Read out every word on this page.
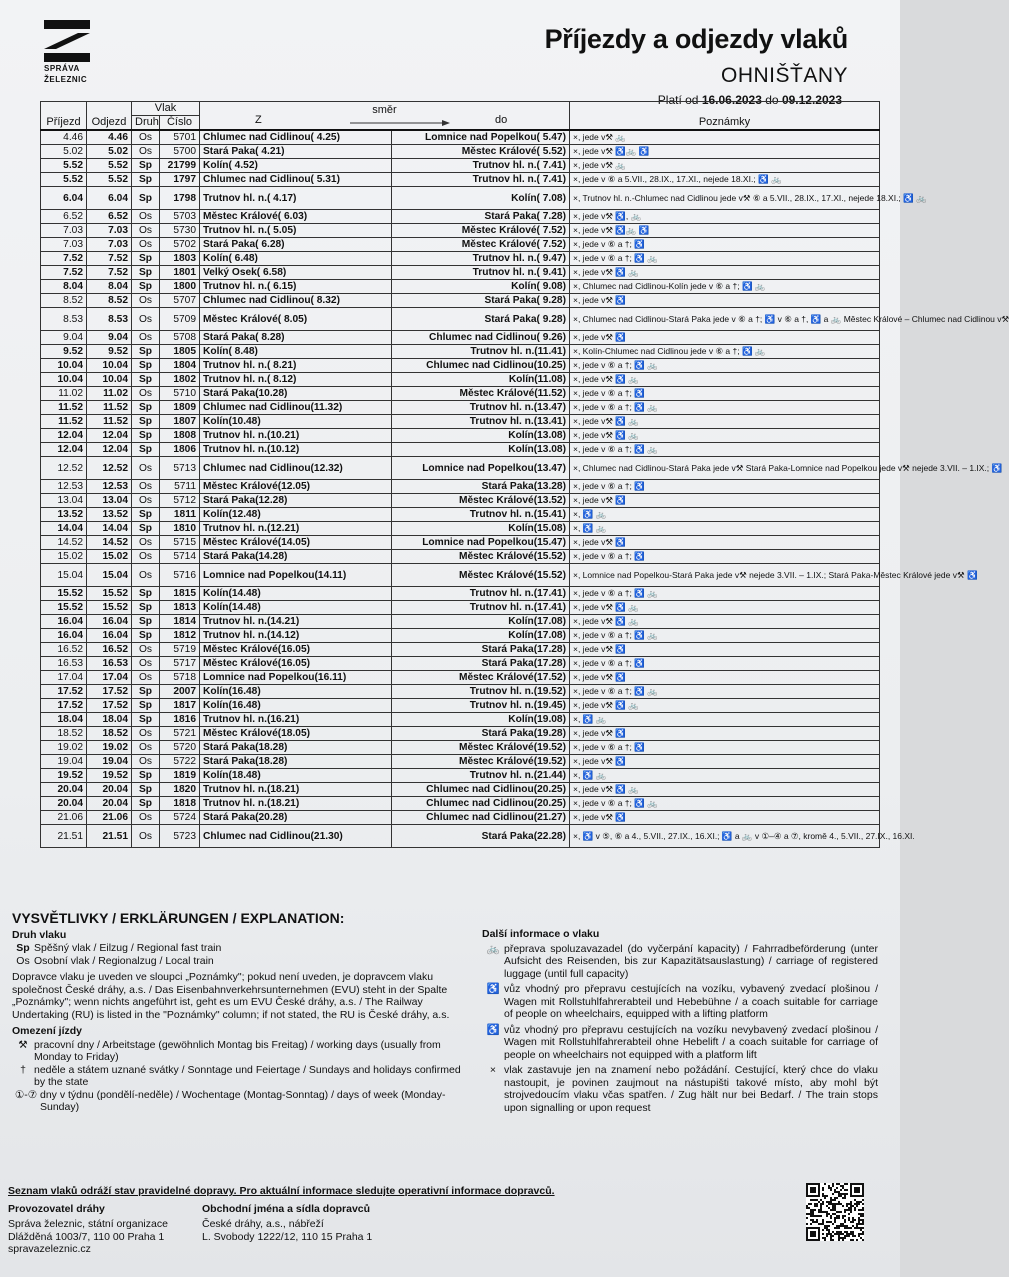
SPRÁVA
ŽELEZNIC
Příjezdy a odjezdy vlaků
OHNIŠŤANY
Platí od 16.06.2023 do 09.12.2023
Příjezd	Odjezd	Vlak		směr
Z do		Poznámky
		Druh	Číslo			
4.46	4.46	Os	5701	Chlumec nad Cidlinou( 4.25)	Lomnice nad Popelkou( 5.47)	×, jede v⚒ 🚲
5.02	5.02	Os	5700	Stará Paka( 4.21)	Městec Králové( 5.52)	×, jede v⚒ ♿🚲 ♿
5.52	5.52	Sp	21799	Kolín( 4.52)	Trutnov hl. n.( 7.41)	×, jede v⚒ 🚲
5.52	5.52	Sp	1797	Chlumec nad Cidlinou( 5.31)	Trutnov hl. n.( 7.41)	×, jede v ⑥ a 5.VII., 28.IX., 17.XI., nejede 18.XI.; ♿ 🚲
6.04	6.04	Sp	1798	Trutnov hl. n.( 4.17)	Kolín( 7.08)	×, Trutnov hl. n.-Chlumec nad Cidlinou jede v⚒ ⑥ a 5.VII., 28.IX., 17.XI., nejede 18.XI.; ♿ 🚲
6.52	6.52	Os	5703	Městec Králové( 6.03)	Stará Paka( 7.28)	×, jede v⚒ ♿, 🚲
7.03	7.03	Os	5730	Trutnov hl. n.( 5.05)	Městec Králové( 7.52)	×, jede v⚒ ♿🚲 ♿
7.03	7.03	Os	5702	Stará Paka( 6.28)	Městec Králové( 7.52)	×, jede v ⑥ a †; ♿
7.52	7.52	Sp	1803	Kolín( 6.48)	Trutnov hl. n.( 9.47)	×, jede v ⑥ a †; ♿ 🚲
7.52	7.52	Sp	1801	Velký Osek( 6.58)	Trutnov hl. n.( 9.41)	×, jede v⚒ ♿ 🚲
8.04	8.04	Sp	1800	Trutnov hl. n.( 6.15)	Kolín( 9.08)	×, Chlumec nad Cidlinou-Kolín jede v ⑥ a †; ♿ 🚲
8.52	8.52	Os	5707	Chlumec nad Cidlinou( 8.32)	Stará Paka( 9.28)	×, jede v⚒ ♿
8.53	8.53	Os	5709	Městec Králové( 8.05)	Stará Paka( 9.28)	×, Chlumec nad Cidlinou-Stará Paka jede v ⑥ a †; ♿ v ⑥ a †, ♿ a 🚲 Městec Králové – Chlumec nad Cidlinou v⚒
9.04	9.04	Os	5708	Stará Paka( 8.28)	Chlumec nad Cidlinou( 9.26)	×, jede v⚒ ♿
9.52	9.52	Sp	1805	Kolín( 8.48)	Trutnov hl. n.(11.41)	×, Kolín-Chlumec nad Cidlinou jede v ⑥ a †; ♿ 🚲
10.04	10.04	Sp	1804	Trutnov hl. n.( 8.21)	Chlumec nad Cidlinou(10.25)	×, jede v ⑥ a †; ♿ 🚲
10.04	10.04	Sp	1802	Trutnov hl. n.( 8.12)	Kolín(11.08)	×, jede v⚒ ♿ 🚲
11.02	11.02	Os	5710	Stará Paka(10.28)	Městec Králové(11.52)	×, jede v ⑥ a †; ♿
11.52	11.52	Sp	1809	Chlumec nad Cidlinou(11.32)	Trutnov hl. n.(13.47)	×, jede v ⑥ a †; ♿ 🚲
11.52	11.52	Sp	1807	Kolín(10.48)	Trutnov hl. n.(13.41)	×, jede v⚒ ♿ 🚲
12.04	12.04	Sp	1808	Trutnov hl. n.(10.21)	Kolín(13.08)	×, jede v⚒ ♿ 🚲
12.04	12.04	Sp	1806	Trutnov hl. n.(10.12)	Kolín(13.08)	×, jede v ⑥ a †; ♿ 🚲
12.52	12.52	Os	5713	Chlumec nad Cidlinou(12.32)	Lomnice nad Popelkou(13.47)	×, Chlumec nad Cidlinou-Stará Paka jede v⚒ Stará Paka-Lomnice nad Popelkou jede v⚒ nejede 3.VII. – 1.IX.; ♿
12.53	12.53	Os	5711	Městec Králové(12.05)	Stará Paka(13.28)	×, jede v ⑥ a †; ♿
13.04	13.04	Os	5712	Stará Paka(12.28)	Městec Králové(13.52)	×, jede v⚒ ♿
13.52	13.52	Sp	1811	Kolín(12.48)	Trutnov hl. n.(15.41)	×, ♿ 🚲
14.04	14.04	Sp	1810	Trutnov hl. n.(12.21)	Kolín(15.08)	×, ♿ 🚲
14.52	14.52	Os	5715	Městec Králové(14.05)	Lomnice nad Popelkou(15.47)	×, jede v⚒ ♿
15.02	15.02	Os	5714	Stará Paka(14.28)	Městec Králové(15.52)	×, jede v ⑥ a †; ♿
15.04	15.04	Os	5716	Lomnice nad Popelkou(14.11)	Městec Králové(15.52)	×, Lomnice nad Popelkou-Stará Paka jede v⚒ nejede 3.VII. – 1.IX.; Stará Paka-Městec Králové jede v⚒ ♿
15.52	15.52	Sp	1815	Kolín(14.48)	Trutnov hl. n.(17.41)	×, jede v ⑥ a †; ♿ 🚲
15.52	15.52	Sp	1813	Kolín(14.48)	Trutnov hl. n.(17.41)	×, jede v⚒ ♿ 🚲
16.04	16.04	Sp	1814	Trutnov hl. n.(14.21)	Kolín(17.08)	×, jede v⚒ ♿ 🚲
16.04	16.04	Sp	1812	Trutnov hl. n.(14.12)	Kolín(17.08)	×, jede v ⑥ a †; ♿ 🚲
16.52	16.52	Os	5719	Městec Králové(16.05)	Stará Paka(17.28)	×, jede v⚒ ♿
16.53	16.53	Os	5717	Městec Králové(16.05)	Stará Paka(17.28)	×, jede v ⑥ a †; ♿
17.04	17.04	Os	5718	Lomnice nad Popelkou(16.11)	Městec Králové(17.52)	×, jede v⚒ ♿
17.52	17.52	Sp	2007	Kolín(16.48)	Trutnov hl. n.(19.52)	×, jede v ⑥ a †; ♿ 🚲
17.52	17.52	Sp	1817	Kolín(16.48)	Trutnov hl. n.(19.45)	×, jede v⚒ ♿ 🚲
18.04	18.04	Sp	1816	Trutnov hl. n.(16.21)	Kolín(19.08)	×, ♿ 🚲
18.52	18.52	Os	5721	Městec Králové(18.05)	Stará Paka(19.28)	×, jede v⚒ ♿
19.02	19.02	Os	5720	Stará Paka(18.28)	Městec Králové(19.52)	×, jede v ⑥ a †; ♿
19.04	19.04	Os	5722	Stará Paka(18.28)	Městec Králové(19.52)	×, jede v⚒ ♿
19.52	19.52	Sp	1819	Kolín(18.48)	Trutnov hl. n.(21.44)	×, ♿ 🚲
20.04	20.04	Sp	1820	Trutnov hl. n.(18.21)	Chlumec nad Cidlinou(20.25)	×, jede v⚒ ♿ 🚲
20.04	20.04	Sp	1818	Trutnov hl. n.(18.21)	Chlumec nad Cidlinou(20.25)	×, jede v ⑥ a †; ♿ 🚲
21.06	21.06	Os	5724	Stará Paka(20.28)	Chlumec nad Cidlinou(21.27)	×, jede v⚒ ♿
21.51	21.51	Os	5723	Chlumec nad Cidlinou(21.30)	Stará Paka(22.28)	×, ♿ v ⑤, ⑥ a 4., 5.VII., 27.IX., 16.XI.; ♿ a 🚲 v ①–④ a ⑦, kromě 4., 5.VII., 27.IX., 16.XI.
VYSVĚTLIVKY / ERKLÄRUNGEN / EXPLANATION:
Druh vlaku
Sp Spěšný vlak / Eilzug / Regional fast train
Os Osobní vlak / Regionalzug / Local train

Dopravce vlaku je uveden ve sloupci „Poznámky"; pokud není uveden, je dopravcem vlaku společnost České dráhy, a.s. / Das Eisenbahnverkehrsunternehmen (EVU) steht in der Spalte „Poznámky"; wenn nichts angeführt ist, geht es um EVU České dráhy, a.s. / The Railway Undertaking (RU) is listed in the "Poznámky" column; if not stated, the RU is České dráhy, a.s.

Omezení jízdy
⚒ pracovní dny / Arbeitstage (gewöhnlich Montag bis Freitag) / working days (usually from Monday to Friday)
† neděle a státem uznané svátky / Sonntage und Feiertage / Sundays and holidays confirmed by the state
①-⑦ dny v týdnu (pondělí-neděle) / Wochentage (Montag-Sonntag) / days of week (Monday-Sunday)
Další informace o vlaku
🚲 přeprava spoluzavazadel (do vyčerpání kapacity) / Fahrradbeförderung (unter Aufsicht des Reisenden, bis zur Kapazitätsauslastung) / carriage of registered luggage (until full capacity)
♿ vůz vhodný pro přepravu cestujících na vozíku, vybavený zvedací plošinou / Wagen mit Rollstuhlfahrerabteil und Hebebühne / a coach suitable for carriage of people on wheelchairs, equipped with a lifting platform
♿ vůz vhodný pro přepravu cestujících na vozíku nevybavený zvedací plošinou / Wagen mit Rollstuhlfahrerabteil ohne Hebelift / a coach suitable for carriage of people on wheelchairs not equipped with a platform lift
× vlak zastavuje jen na znamení nebo požádání. Cestující, který chce do vlaku nastoupit, je povinen zaujmout na nástupišti takové místo, aby mohl být strojvedoucím vlaku včas spatřen. / Zug hält nur bei Bedarf. / The train stops upon signalling or upon request
Seznam vlaků odráží stav pravidelné dopravy. Pro aktuální informace sledujte operativní informace dopravců.
Provozovatel dráhy
Správa železnic, státní organizace
Dlážděná 1003/7, 110 00 Praha 1
spravazeleznic.cz
Obchodní jména a sídla dopravců
České dráhy, a.s., nábřeží
L. Svobody 1222/12, 110 15 Praha 1
